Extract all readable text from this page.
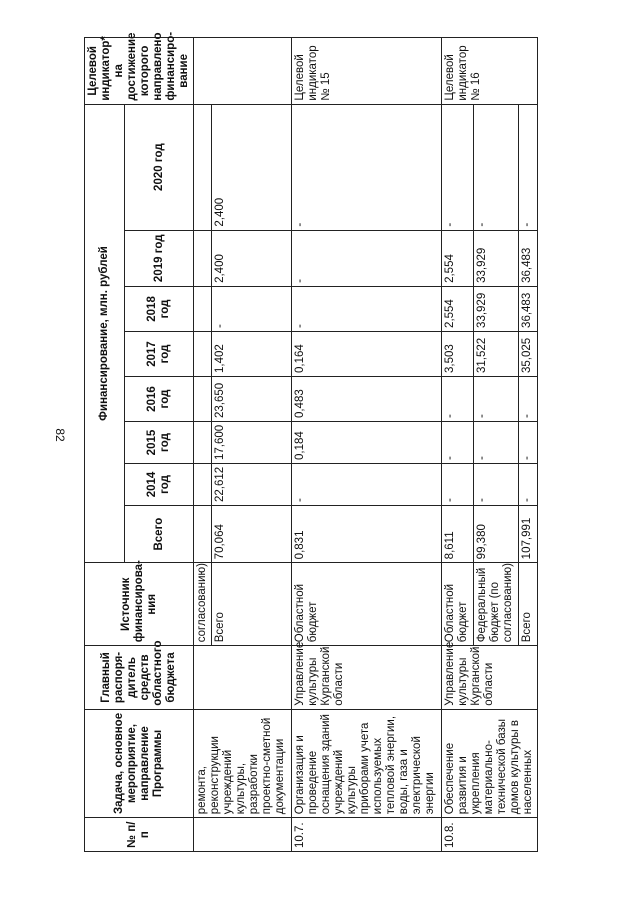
82
№ п/п	Задача, основное мероприятие, направление Программы	Главный распоря-дитель средств областного бюджета	Источник финансирова-ния	Финансирование, млн. рублей								Целевой индикатор* на достижение которого направлено финансиро-вание
				Всего	2014 год	2015 год	2016 год	2017 год	2018 год	2019 год	2020 год	
	ремонта, реконструкции учреждений культуры, разработки проектно-сметной документации		согласованию)									
			Всего	70,064	22,612	17,600	23,650	1,402	-	2,400	2,400	
10.7.	Организация и проведение оснащения зданий учреждений культуры приборами учета используемых тепловой энергии, воды, газа и электрической энергии	Управление культуры Курганской области	Областной бюджет	0,831	-	0,184	0,483	0,164	-	-	-	Целевой индикатор № 15
10.8.	Обеспечение развития и укрепления материально-технической базы домов культуры в населенных	Управление культуры Курганской области	Областной бюджет	8,611	-	-	-	3,503	2,554	2,554	-	Целевой индикатор № 16
			Федеральный бюджет (по согласованию)	99,380	-	-	-	31,522	33,929	33,929	-	
			Всего	107,991	-	-	-	35,025	36,483	36,483	-	
